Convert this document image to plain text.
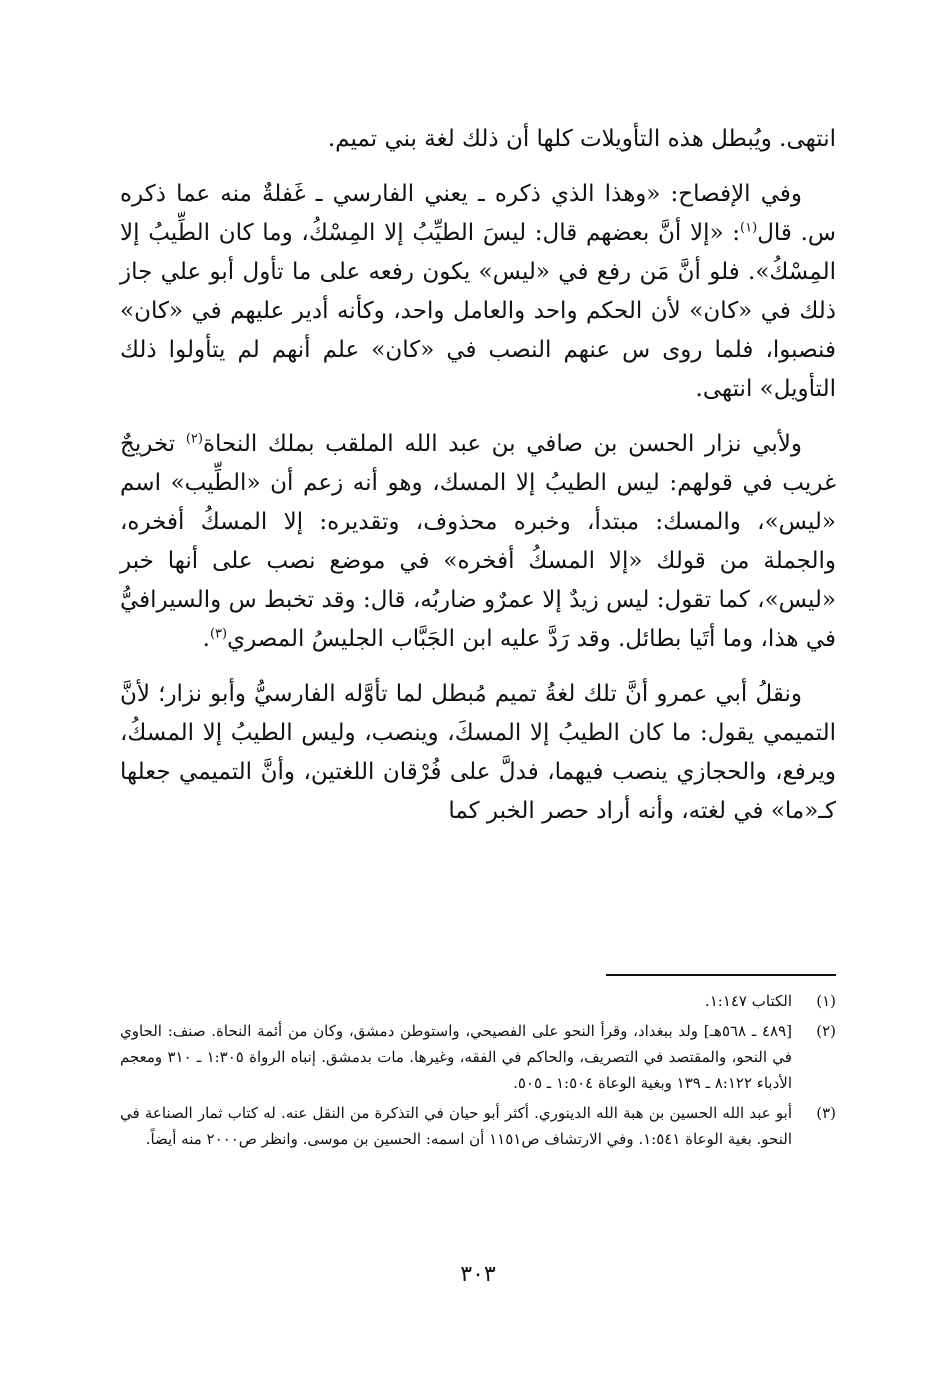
انتهى. ويُبطل هذه التأويلات كلها أن ذلك لغة بني تميم.

وفي الإفصاح: «وهذا الذي ذكره ـ يعني الفارسي ـ غَفلةٌ منه عما ذكره س. قال$^{(١)}$: «إلا أنَّ بعضهم قال: ليسَ الطيِّبُ إلا المِسْكُ، وما كان الطِّيبُ إلا المِسْكُ». فلو أنَّ مَن رفع في «ليس» يكون رفعه على ما تأول أبو علي جاز ذلك في «كان» لأن الحكم واحد والعامل واحد، وكأنه أدير عليهم في «كان» فنصبوا، فلما روى س عنهم النصب في «كان» علم أنهم لم يتأولوا ذلك التأويل» انتهى.

ولأبي نزار الحسن بن صافي بن عبد الله الملقب بملك النحاة$^{(٢)}$ تخريجٌ غريب في قولهم: ليس الطيبُ إلا المسك، وهو أنه زعم أن «الطِّيب» اسم «ليس»، والمسك: مبتدأ، وخبره محذوف، وتقديره: إلا المسكُ أفخره، والجملة من قولك «إلا المسكُ أفخره» في موضع نصب على أنها خبر «ليس»، كما تقول: ليس زيدٌ إلا عمرٌو ضاربُه، قال: وقد تخبط س والسيرافيُّ في هذا، وما أتَيا بطائل. وقد رَدَّ عليه ابن الجَبَّاب الجليسُ المصري$^{(٣)}$.

ونقلُ أبي عمرو أنَّ تلك لغةُ تميم مُبطل لما تأوَّله الفارسيُّ وأبو نزار؛ لأنَّ التميمي يقول: ما كان الطيبُ إلا المسكَ، وينصب، وليس الطيبُ إلا المسكُ، ويرفع، والحجازي ينصب فيهما، فدلَّ على فُرْقان اللغتين، وأنَّ التميمي جعلها كـ«ما» في لغته، وأنه أراد حصر الخبر كما

(١)
الكتاب ١:١٤٧.
(٢)
[٤٨٩ ـ ٥٦٨هـ] ولد ببغداد، وقرأ النحو على الفصيحي، واستوطن دمشق، وكان من أئمة النحاة. صنف: الحاوي في النحو، والمقتصد في التصريف، والحاكم في الفقه، وغيرها. مات بدمشق. إنباه الرواة ١:٣٠٥ ـ ٣١٠ ومعجم الأدباء ٨:١٢٢ ـ ١٣٩ وبغية الوعاة ١:٥٠٤ ـ ٥٠٥.
(٣)
أبو عبد الله الحسين بن هبة الله الدينوري. أكثر أبو حيان في التذكرة من النقل عنه. له كتاب ثمار الصناعة في النحو. بغية الوعاة ١:٥٤١. وفي الارتشاف ص١١٥١ أن اسمه: الحسين بن موسى. وانظر ص٢٠٠٠ منه أيضاً.
٣٠٣
